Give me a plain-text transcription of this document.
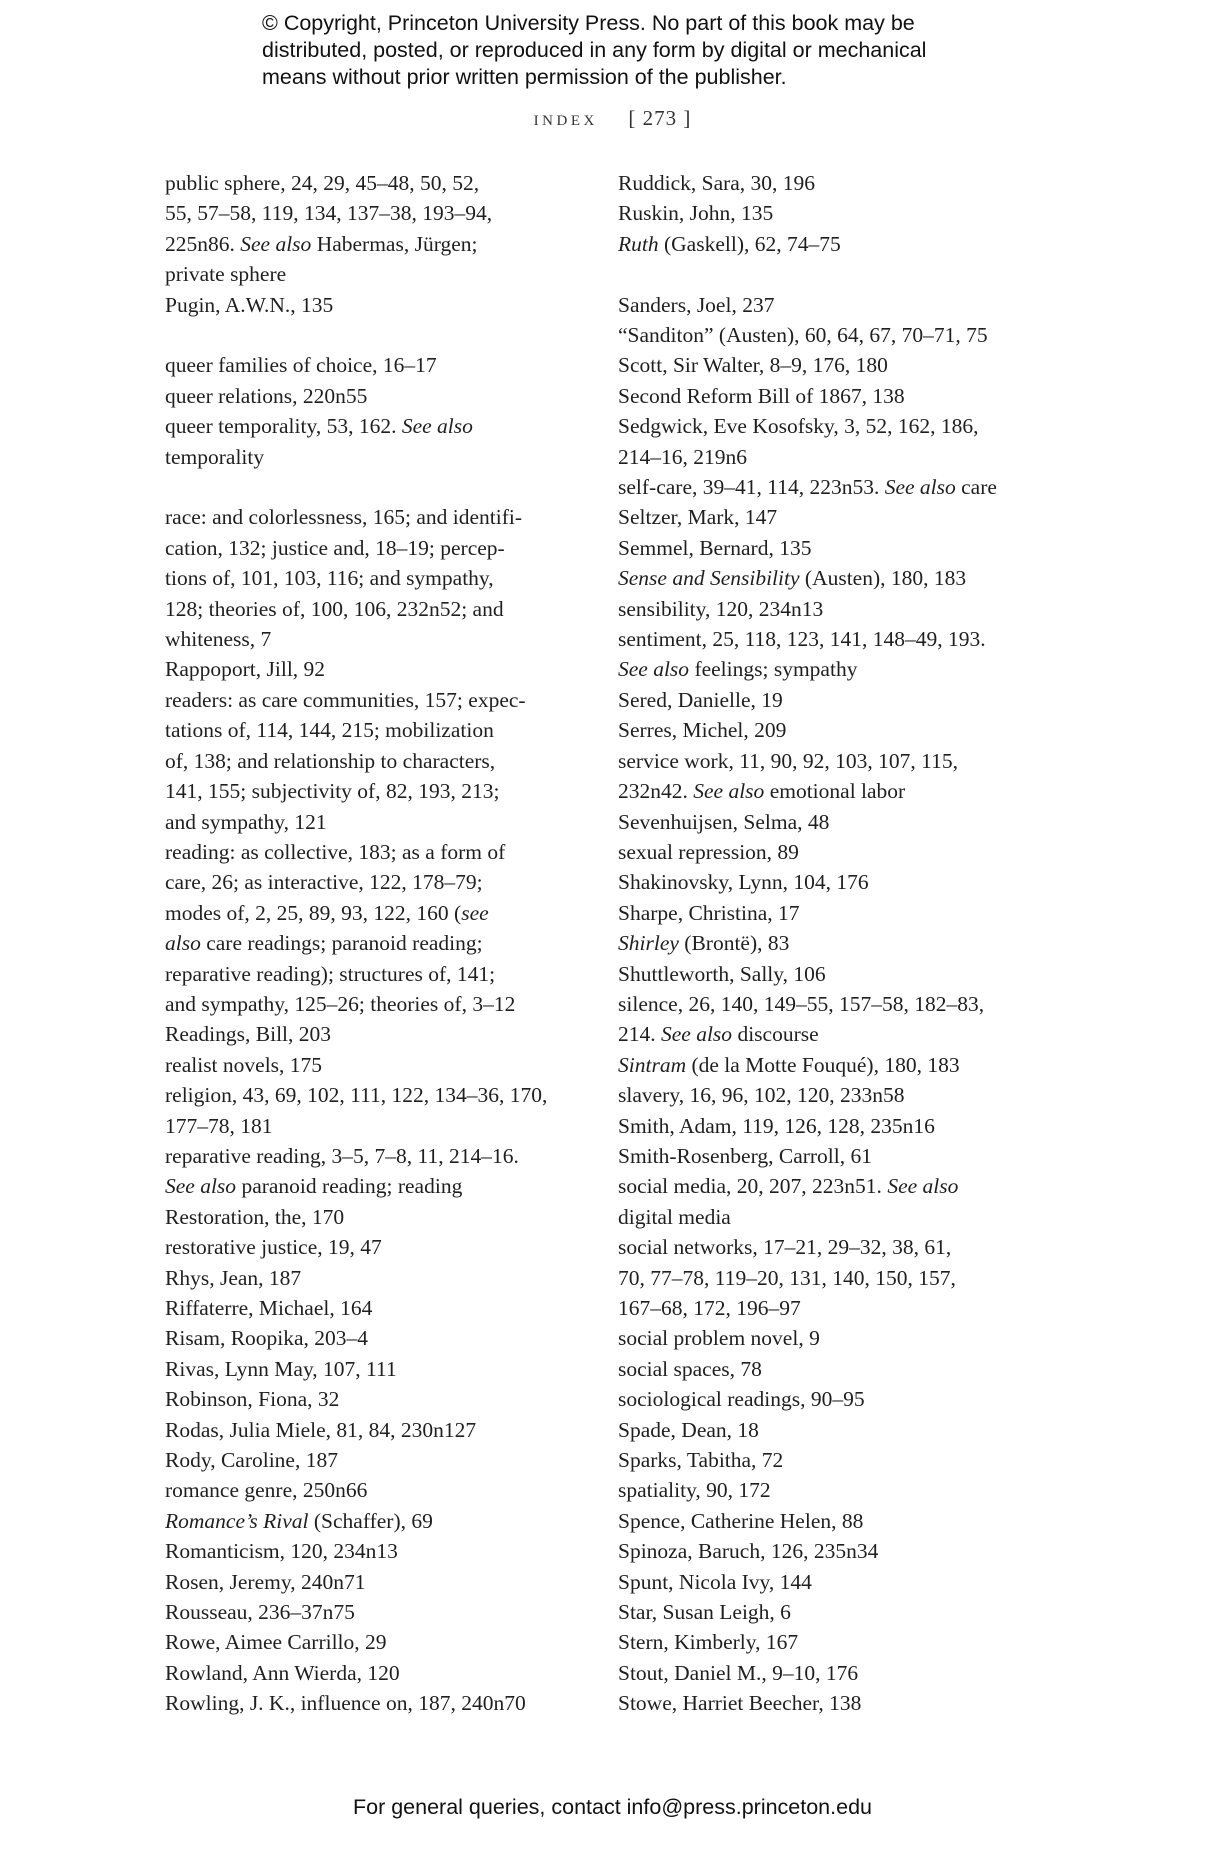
© Copyright, Princeton University Press. No part of this book may be
distributed, posted, or reproduced in any form by digital or mechanical
means without prior written permission of the publisher.
INDEX [ 273 ]
public sphere, 24, 29, 45–48, 50, 52,
55, 57–58, 119, 134, 137–38, 193–94,
225n86. See also Habermas, Jürgen;
private sphere
Pugin, A.W.N., 135
queer families of choice, 16–17
queer relations, 220n55
queer temporality, 53, 162. See also
temporality
race: and colorlessness, 165; and identifi-
cation, 132; justice and, 18–19; percep-
tions of, 101, 103, 116; and sympathy,
128; theories of, 100, 106, 232n52; and
whiteness, 7
Rappoport, Jill, 92
readers: as care communities, 157; expec-
tations of, 114, 144, 215; mobilization
of, 138; and relationship to characters,
141, 155; subjectivity of, 82, 193, 213;
and sympathy, 121
reading: as collective, 183; as a form of
care, 26; as interactive, 122, 178–79;
modes of, 2, 25, 89, 93, 122, 160 (see
also care readings; paranoid reading;
reparative reading); structures of, 141;
and sympathy, 125–26; theories of, 3–12
Readings, Bill, 203
realist novels, 175
religion, 43, 69, 102, 111, 122, 134–36, 170,
177–78, 181
reparative reading, 3–5, 7–8, 11, 214–16.
See also paranoid reading; reading
Restoration, the, 170
restorative justice, 19, 47
Rhys, Jean, 187
Riffaterre, Michael, 164
Risam, Roopika, 203–4
Rivas, Lynn May, 107, 111
Robinson, Fiona, 32
Rodas, Julia Miele, 81, 84, 230n127
Rody, Caroline, 187
romance genre, 250n66
Romance’s Rival (Schaffer), 69
Romanticism, 120, 234n13
Rosen, Jeremy, 240n71
Rousseau, 236–37n75
Rowe, Aimee Carrillo, 29
Rowland, Ann Wierda, 120
Rowling, J. K., influence on, 187, 240n70
Ruddick, Sara, 30, 196
Ruskin, John, 135
Ruth (Gaskell), 62, 74–75
Sanders, Joel, 237
“Sanditon” (Austen), 60, 64, 67, 70–71, 75
Scott, Sir Walter, 8–9, 176, 180
Second Reform Bill of 1867, 138
Sedgwick, Eve Kosofsky, 3, 52, 162, 186,
214–16, 219n6
self-care, 39–41, 114, 223n53. See also care
Seltzer, Mark, 147
Semmel, Bernard, 135
Sense and Sensibility (Austen), 180, 183
sensibility, 120, 234n13
sentiment, 25, 118, 123, 141, 148–49, 193.
See also feelings; sympathy
Sered, Danielle, 19
Serres, Michel, 209
service work, 11, 90, 92, 103, 107, 115,
232n42. See also emotional labor
Sevenhuijsen, Selma, 48
sexual repression, 89
Shakinovsky, Lynn, 104, 176
Sharpe, Christina, 17
Shirley (Brontë), 83
Shuttleworth, Sally, 106
silence, 26, 140, 149–55, 157–58, 182–83,
214. See also discourse
Sintram (de la Motte Fouqué), 180, 183
slavery, 16, 96, 102, 120, 233n58
Smith, Adam, 119, 126, 128, 235n16
Smith-Rosenberg, Carroll, 61
social media, 20, 207, 223n51. See also
digital media
social networks, 17–21, 29–32, 38, 61,
70, 77–78, 119–20, 131, 140, 150, 157,
167–68, 172, 196–97
social problem novel, 9
social spaces, 78
sociological readings, 90–95
Spade, Dean, 18
Sparks, Tabitha, 72
spatiality, 90, 172
Spence, Catherine Helen, 88
Spinoza, Baruch, 126, 235n34
Spunt, Nicola Ivy, 144
Star, Susan Leigh, 6
Stern, Kimberly, 167
Stout, Daniel M., 9–10, 176
Stowe, Harriet Beecher, 138
For general queries, contact info@press.princeton.edu
